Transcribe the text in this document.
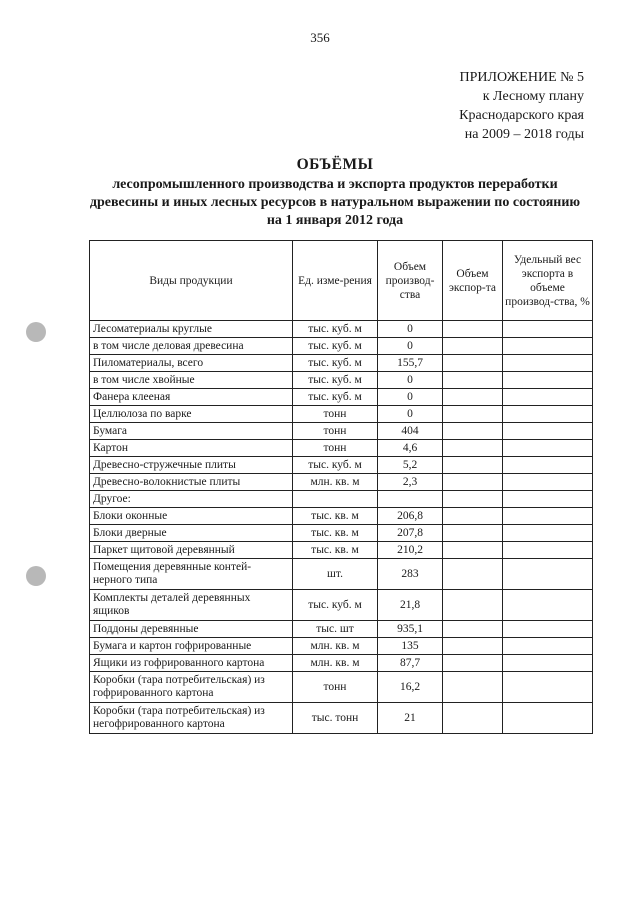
356
ПРИЛОЖЕНИЕ № 5
к Лесному плану
Краснодарского края
на 2009 – 2018 годы
ОБЪЁМЫ
лесопромышленного производства и экспорта продуктов переработки древесины и иных лесных ресурсов в натуральном выражении по состоянию на 1 января 2012 года
Виды продукции	Ед. изме-рения	Объем производ-ства	Объем экспор-та	Удельный вес экспорта в объеме производ-ства, %
Лесоматериалы круглые	тыс. куб. м	0		
в том числе деловая древесина	тыс. куб. м	0		
Пиломатериалы, всего	тыс. куб. м	155,7		
в том числе хвойные	тыс. куб. м	0		
Фанера клееная	тыс. куб. м	0		
Целлюлоза по варке	тонн	0		
Бумага	тонн	404		
Картон	тонн	4,6		
Древесно-стружечные плиты	тыс. куб. м	5,2		
Древесно-волокнистые плиты	млн. кв. м	2,3		
Другое:				
Блоки оконные	тыс. кв. м	206,8		
Блоки дверные	тыс. кв. м	207,8		
Паркет щитовой деревянный	тыс. кв. м	210,2		
Помещения деревянные контей-нерного типа	шт.	283		
Комплекты деталей деревянных ящиков	тыс. куб. м	21,8		
Поддоны деревянные	тыс. шт	935,1		
Бумага и картон гофрированные	млн. кв. м	135		
Ящики из гофрированного картона	млн. кв. м	87,7		
Коробки (тара потребительская) из гофрированного картона	тонн	16,2		
Коробки (тара потребительская) из негофрированного картона	тыс. тонн	21		
